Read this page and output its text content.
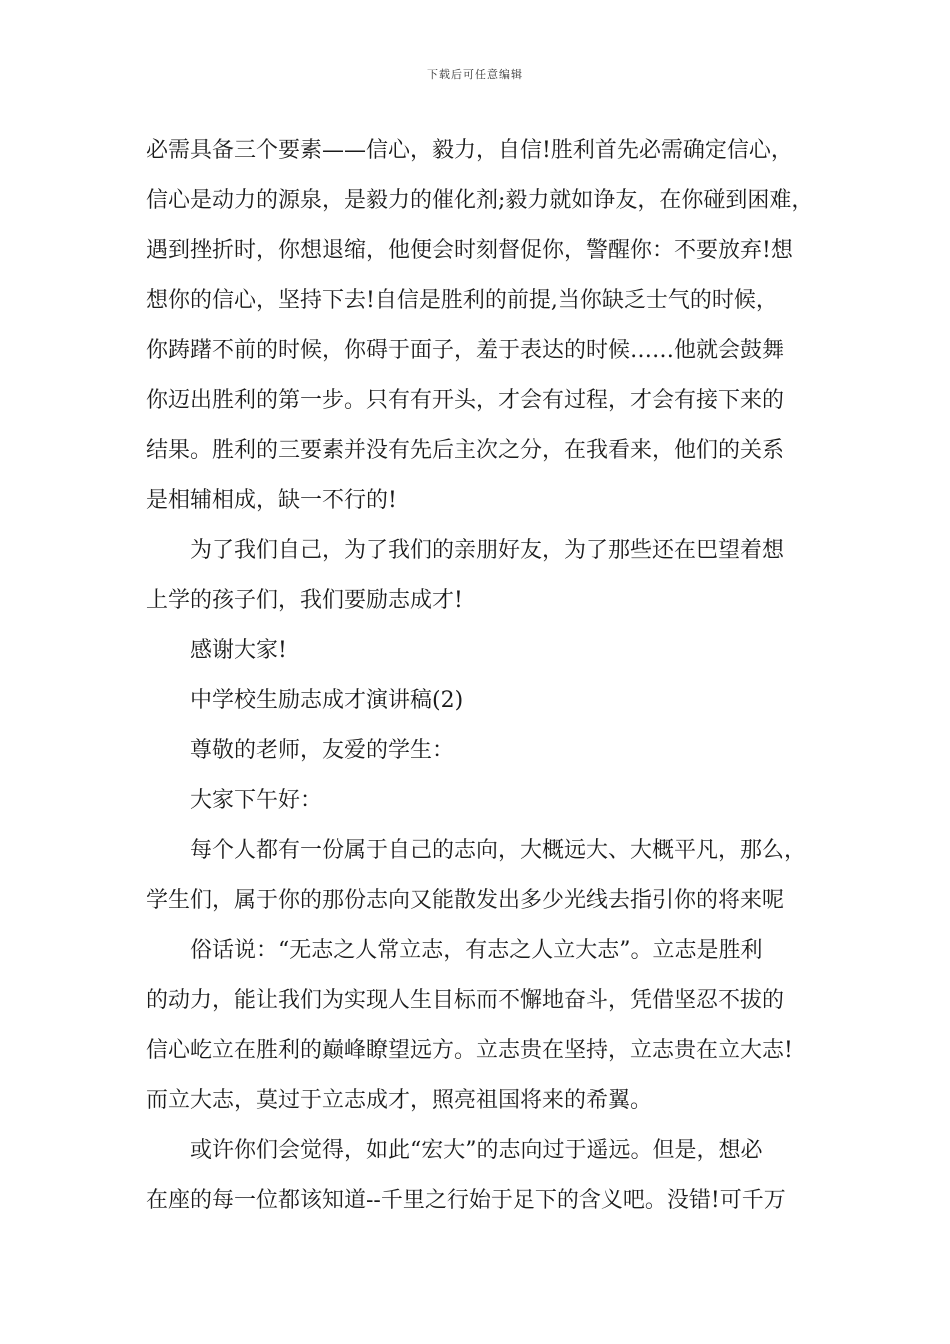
下载后可任意编辑
必需具备三个要素——信心，毅力，自信!胜利首先必需确定信心，
信心是动力的源泉，是毅力的催化剂;毅力就如诤友，在你碰到困难，
遇到挫折时，你想退缩，他便会时刻督促你，警醒你：不要放弃!想
想你的信心，坚持下去!自信是胜利的前提,当你缺乏士气的时候，
你踌躇不前的时候，你碍于面子，羞于表达的时候……他就会鼓舞
你迈出胜利的第一步。只有有开头，才会有过程，才会有接下来的
结果。胜利的三要素并没有先后主次之分，在我看来，他们的关系
是相辅相成，缺一不行的!
为了我们自己，为了我们的亲朋好友，为了那些还在巴望着想
上学的孩子们，我们要励志成才!
感谢大家!
中学校生励志成才演讲稿(2)
尊敬的老师，友爱的学生：
大家下午好：
每个人都有一份属于自己的志向，大概远大、大概平凡，那么，
学生们，属于你的那份志向又能散发出多少光线去指引你的将来呢
俗话说：“无志之人常立志，有志之人立大志”。立志是胜利
的动力，能让我们为实现人生目标而不懈地奋斗，凭借坚忍不拔的
信心屹立在胜利的巅峰瞭望远方。立志贵在坚持，立志贵在立大志!
而立大志，莫过于立志成才，照亮祖国将来的希翼。
或许你们会觉得，如此“宏大”的志向过于遥远。但是，想必
在座的每一位都该知道--千里之行始于足下的含义吧。没错!可千万
